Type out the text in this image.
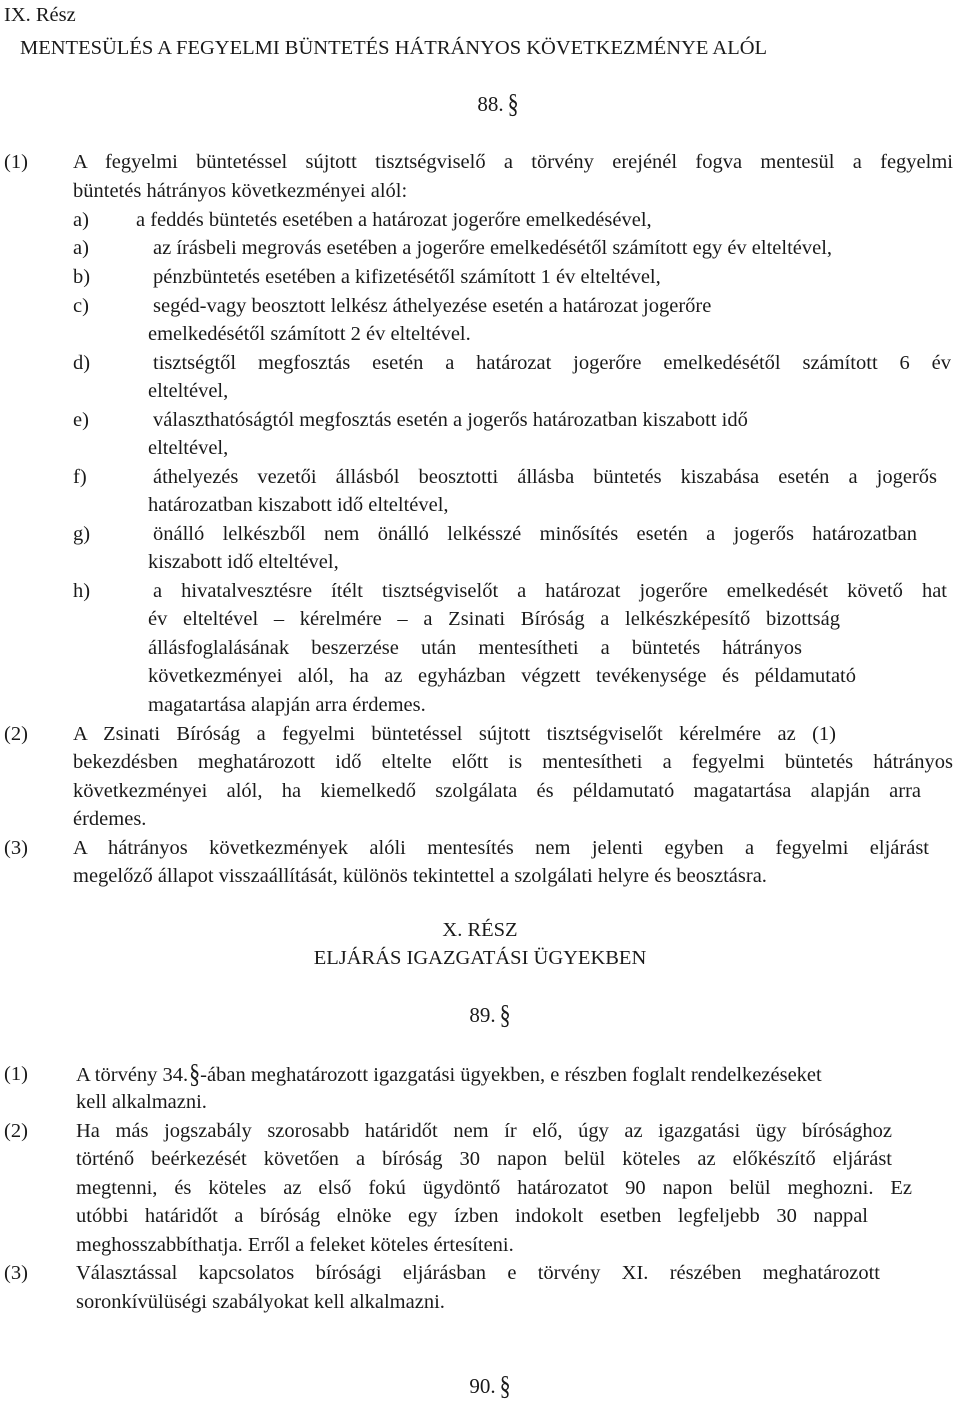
IX. Rész
MENTESÜLÉS A FEGYELMI BÜNTETÉS HÁTRÁNYOS KÖVETKEZMÉNYE ALÓL
88. §
(1) A fegyelmi büntetéssel sújtott tisztségviselő a törvény erejénél fogva mentesül a fegyelmi
büntetés hátrányos következményei alól:
a) a feddés büntetés esetében a határozat jogerőre emelkedésével,
a)	az írásbeli megrovás esetében a jogerőre emelkedésétől számított egy év elteltével,
b)	pénzbüntetés esetében a kifizetésétől számított 1 év elteltével,
c)	segéd-vagy beosztott lelkész áthelyezése esetén a határozat jogerőre
emelkedésétől számított 2 év elteltével.
d)	tisztségtől megfosztás esetén a határozat jogerőre emelkedésétől számított 6 év
elteltével,
e)	választhatóságtól megfosztás esetén a jogerős határozatban kiszabott idő
elteltével,
f)	áthelyezés vezetői állásból beosztotti állásba büntetés kiszabása esetén a jogerős
határozatban kiszabott idő elteltével,
g)	önálló lelkészből nem önálló lelkésszé minősítés esetén a jogerős határozatban
kiszabott idő elteltével,
h)	a hivatalvesztésre ítélt tisztségviselőt a határozat jogerőre emelkedését követő hat
év elteltével – kérelmére – a Zsinati Bíróság a lelkészképesítő bizottság
állásfoglalásának beszerzése után mentesítheti a büntetés hátrányos
következményei alól, ha az egyházban végzett tevékenysége és példamutató
magatartása alapján arra érdemes.
(2) A Zsinati Bíróság a fegyelmi büntetéssel sújtott tisztségviselőt kérelmére az (1)
bekezdésben meghatározott idő eltelte előtt is mentesítheti a fegyelmi büntetés hátrányos
következményei alól, ha kiemelkedő szolgálata és példamutató magatartása alapján arra
érdemes.
(3) A hátrányos következmények alóli mentesítés nem jelenti egyben a fegyelmi eljárást
megelőző állapot visszaállítását, különös tekintettel a szolgálati helyre és beosztásra.
X. RÉSZ
ELJÁRÁS IGAZGATÁSI ÜGYEKBEN
89. §
(1) A törvény 34.§-ában meghatározott igazgatási ügyekben, e részben foglalt rendelkezéseket
kell alkalmazni.
(2) Ha más jogszabály szorosabb határidőt nem ír elő, úgy az igazgatási ügy bírósághoz
történő beérkezését követően a bíróság 30 napon belül köteles az előkészítő eljárást
megtenni, és köteles az első fokú ügydöntő határozatot 90 napon belül meghozni. Ez
utóbbi határidőt a bíróság elnöke egy ízben indokolt esetben legfeljebb 30 nappal
meghosszabbíthatja. Erről a feleket köteles értesíteni.
(3) Választással kapcsolatos bírósági eljárásban e törvény XI. részében meghatározott
soronkívülüségi szabályokat kell alkalmazni.
90. §
